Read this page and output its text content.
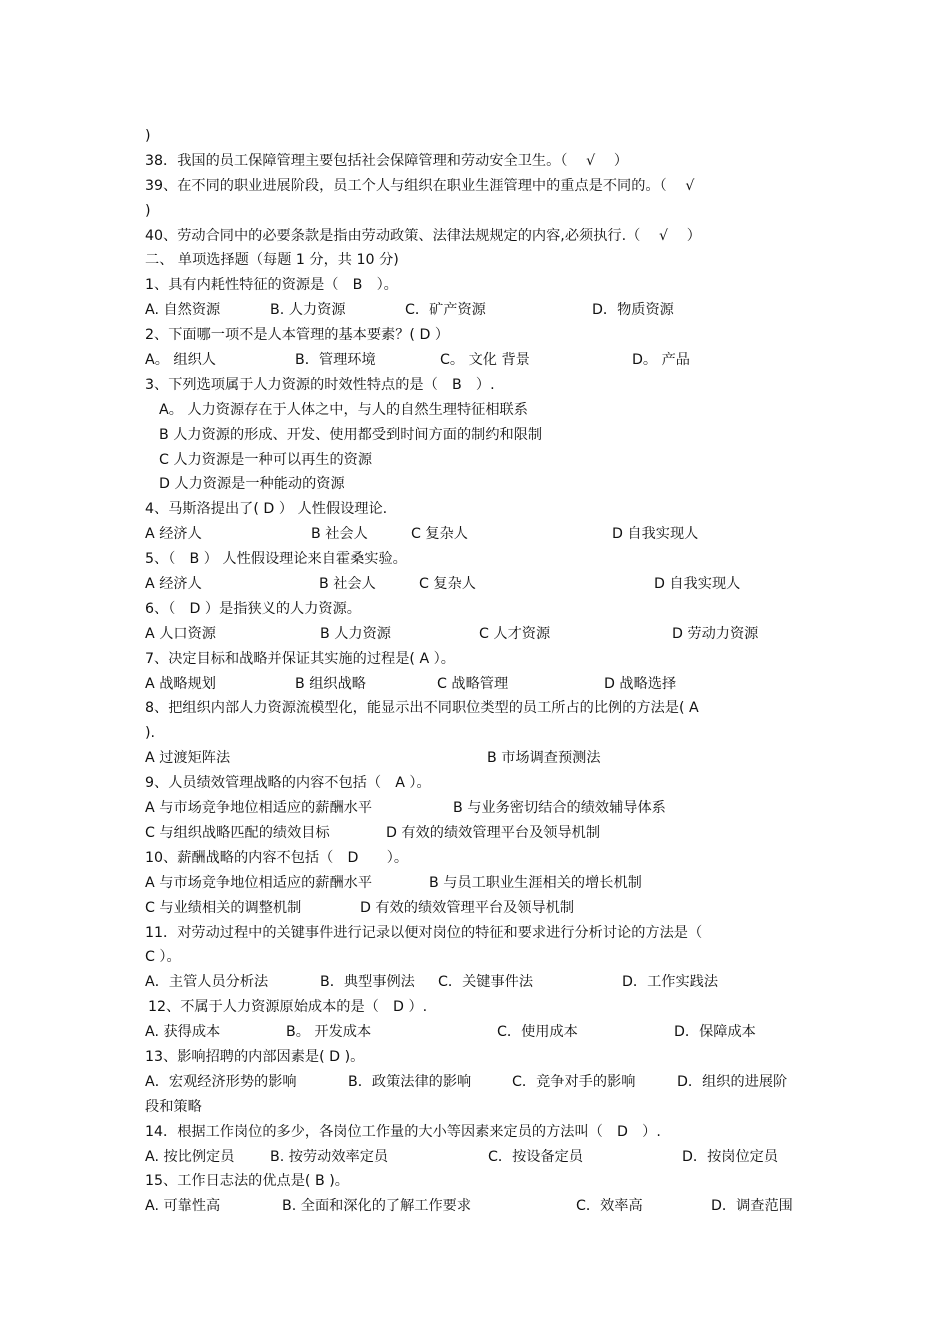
)
38．我国的员工保障管理主要包括社会保障管理和劳动安全卫生。（　 √　 ）
39、在不同的职业进展阶段，员工个人与组织在职业生涯管理中的重点是不同的。（　 √
)
40、劳动合同中的必要条款是指由劳动政策、法律法规规定的内容,必须执行.（　 √　 ）
二、 单项选择题（每题 1 分，共 10 分)
1、具有内耗性特征的资源是（　B　）。
A. 自然资源	B. 人力资源	C．矿产资源	D．物质资源
2、下面哪一项不是人本管理的基本要素？( D ）
A。 组织人	B．管理环境	C。 文化 背景	D。 产品
3、下列选项属于人力资源的时效性特点的是（　B　）.
A。 人力资源存在于人体之中，与人的自然生理特征相联系
B 人力资源的形成、开发、使用都受到时间方面的制约和限制
C 人力资源是一种可以再生的资源
D 人力资源是一种能动的资源
4、马斯洛提出了( D ） 人性假设理论.
A 经济人	B 社会人	C 复杂人	D 自我实现人
5、（　B ） 人性假设理论来自霍桑实验。
A 经济人	B 社会人	C 复杂人	D 自我实现人
6、（　D ）是指狭义的人力资源。
A 人口资源	B 人力资源	C 人才资源	D 劳动力资源
7、决定目标和战略并保证其实施的过程是( A ）。
A 战略规划	B 组织战略	C 战略管理	D 战略选择
8、把组织内部人力资源流模型化，能显示出不同职位类型的员工所占的比例的方法是( A
).
A 过渡矩阵法	B 市场调查预测法
9、人员绩效管理战略的内容不包括（　A ）。
A 与市场竞争地位相适应的薪酬水平	B 与业务密切结合的绩效辅导体系
C 与组织战略匹配的绩效目标	D 有效的绩效管理平台及领导机制
10、薪酬战略的内容不包括（　D　　）。
A 与市场竞争地位相适应的薪酬水平	B 与员工职业生涯相关的增长机制
C 与业绩相关的调整机制	D 有效的绩效管理平台及领导机制
11．对劳动过程中的关键事件进行记录以便对岗位的特征和要求进行分析讨论的方法是（
C ）。
A．主管人员分析法	B．典型事例法 C．关键事件法	D．工作实践法
12、不属于人力资源原始成本的是（　D ）.
A. 获得成本	B。 开发成本	C．使用成本	D．保障成本
13、影响招聘的内部因素是( D )。
A．宏观经济形势的影响	B．政策法律的影响	C．竞争对手的影响	D．组织的进展阶
段和策略
14．根据工作岗位的多少，各岗位工作量的大小等因素来定员的方法叫（　D　）.
A. 按比例定员	B. 按劳动效率定员	C．按设备定员	D．按岗位定员
15、工作日志法的优点是( B )。
A. 可靠性高	B. 全面和深化的了解工作要求	C．效率高	D．调查范围
